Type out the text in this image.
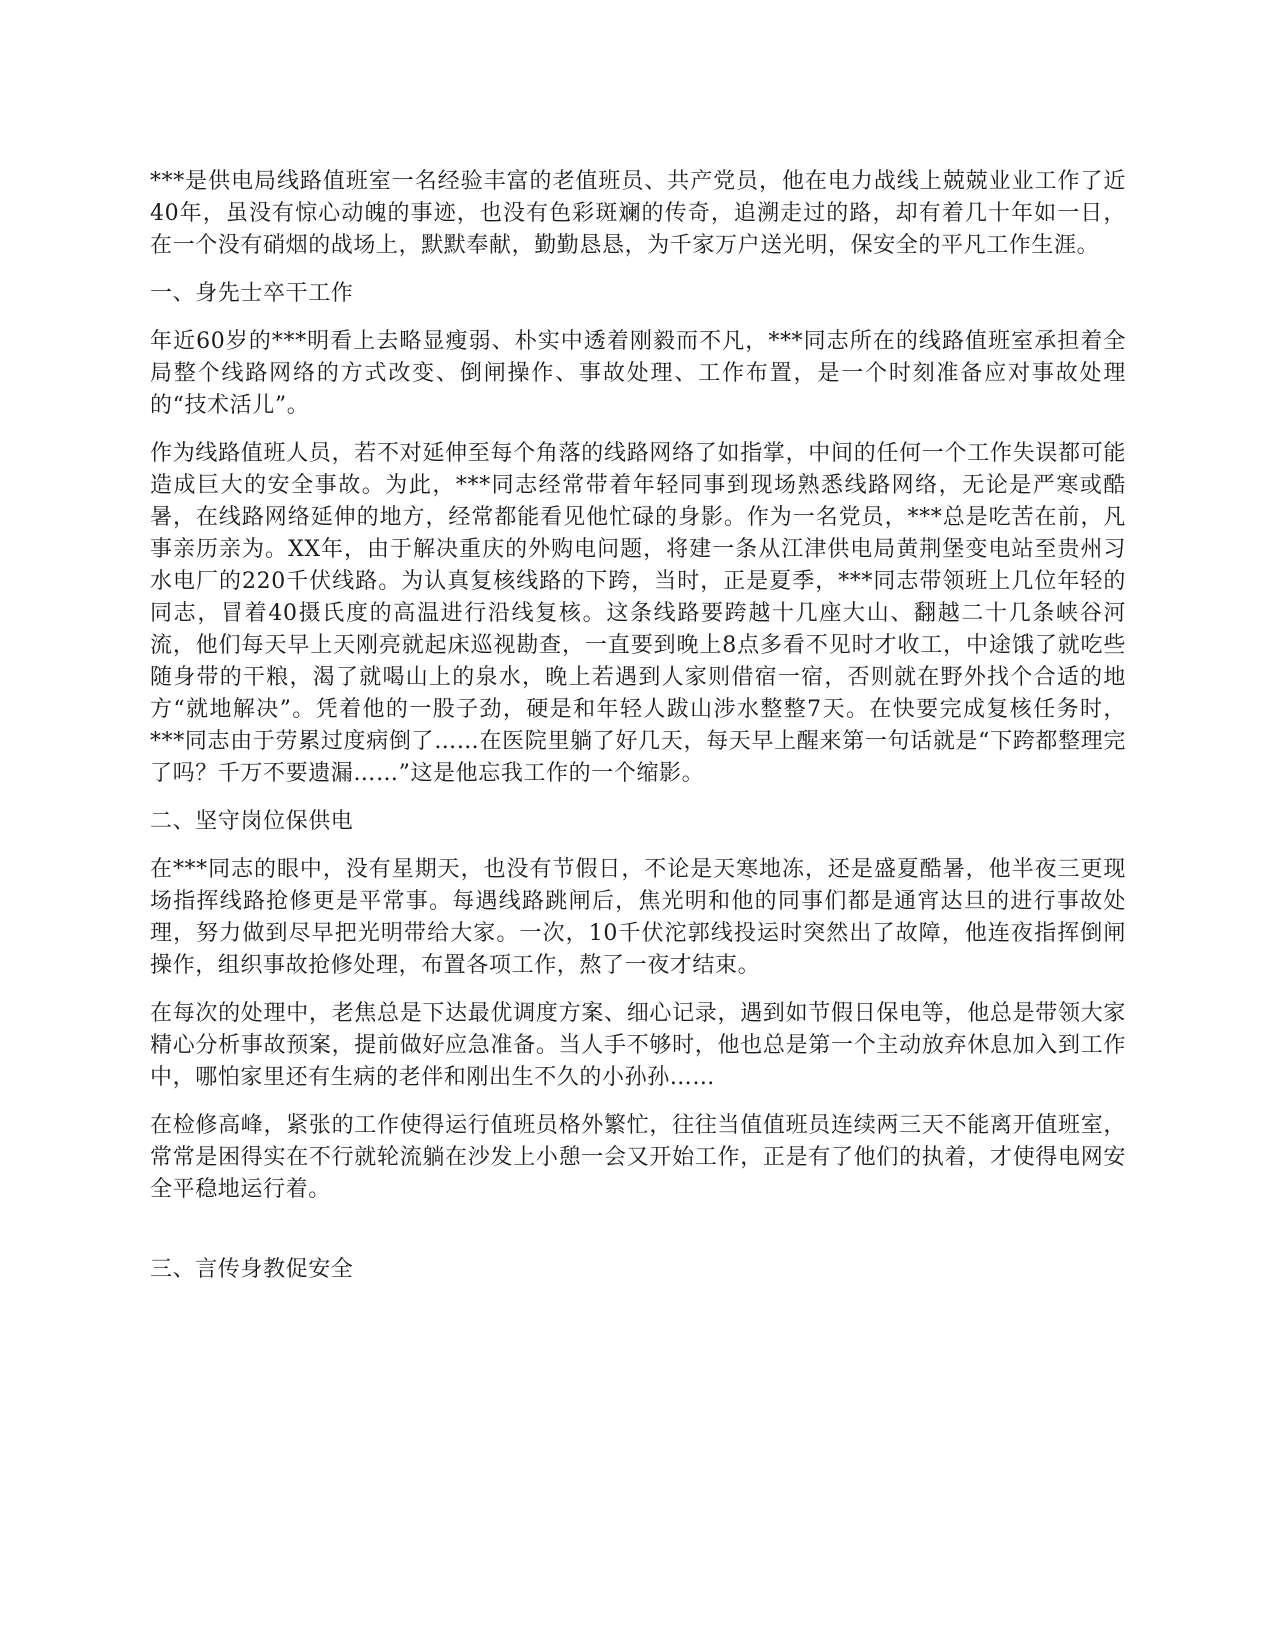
***是供电局线路值班室一名经验丰富的老值班员、共产党员，他在电力战线上兢兢业业工作了近40年，虽没有惊心动魄的事迹，也没有色彩斑斓的传奇，追溯走过的路，却有着几十年如一日，在一个没有硝烟的战场上，默默奉献，勤勤恳恳，为千家万户送光明，保安全的平凡工作生涯。

一、身先士卒干工作

年近60岁的***明看上去略显瘦弱、朴实中透着刚毅而不凡，***同志所在的线路值班室承担着全局整个线路网络的方式改变、倒闸操作、事故处理、工作布置，是一个时刻准备应对事故处理的“技术活儿”。

作为线路值班人员，若不对延伸至每个角落的线路网络了如指掌，中间的任何一个工作失误都可能造成巨大的安全事故。为此，***同志经常带着年轻同事到现场熟悉线路网络，无论是严寒或酷暑，在线路网络延伸的地方，经常都能看见他忙碌的身影。作为一名党员，***总是吃苦在前，凡事亲历亲为。XX年，由于解决重庆的外购电问题，将建一条从江津供电局黄荆堡变电站至贵州习水电厂的220千伏线路。为认真复核线路的下跨，当时，正是夏季，***同志带领班上几位年轻的同志，冒着40摄氏度的高温进行沿线复核。这条线路要跨越十几座大山、翻越二十几条峡谷河流，他们每天早上天刚亮就起床巡视勘查，一直要到晚上8点多看不见时才收工，中途饿了就吃些随身带的干粮，渴了就喝山上的泉水，晚上若遇到人家则借宿一宿，否则就在野外找个合适的地方“就地解决”。凭着他的一股子劲，硬是和年轻人跋山涉水整整7天。在快要完成复核任务时，***同志由于劳累过度病倒了……在医院里躺了好几天，每天早上醒来第一句话就是“下跨都整理完了吗？千万不要遗漏……”这是他忘我工作的一个缩影。

二、坚守岗位保供电

在***同志的眼中，没有星期天，也没有节假日，不论是天寒地冻，还是盛夏酷暑，他半夜三更现场指挥线路抢修更是平常事。每遇线路跳闸后，焦光明和他的同事们都是通宵达旦的进行事故处理，努力做到尽早把光明带给大家。一次，10千伏沱郭线投运时突然出了故障，他连夜指挥倒闸操作，组织事故抢修处理，布置各项工作，熬了一夜才结束。

在每次的处理中，老焦总是下达最优调度方案、细心记录，遇到如节假日保电等，他总是带领大家精心分析事故预案，提前做好应急准备。当人手不够时，他也总是第一个主动放弃休息加入到工作中，哪怕家里还有生病的老伴和刚出生不久的小孙孙……

在检修高峰，紧张的工作使得运行值班员格外繁忙，往往当值值班员连续两三天不能离开值班室，常常是困得实在不行就轮流躺在沙发上小憩一会又开始工作，正是有了他们的执着，才使得电网安全平稳地运行着。

三、言传身教促安全
